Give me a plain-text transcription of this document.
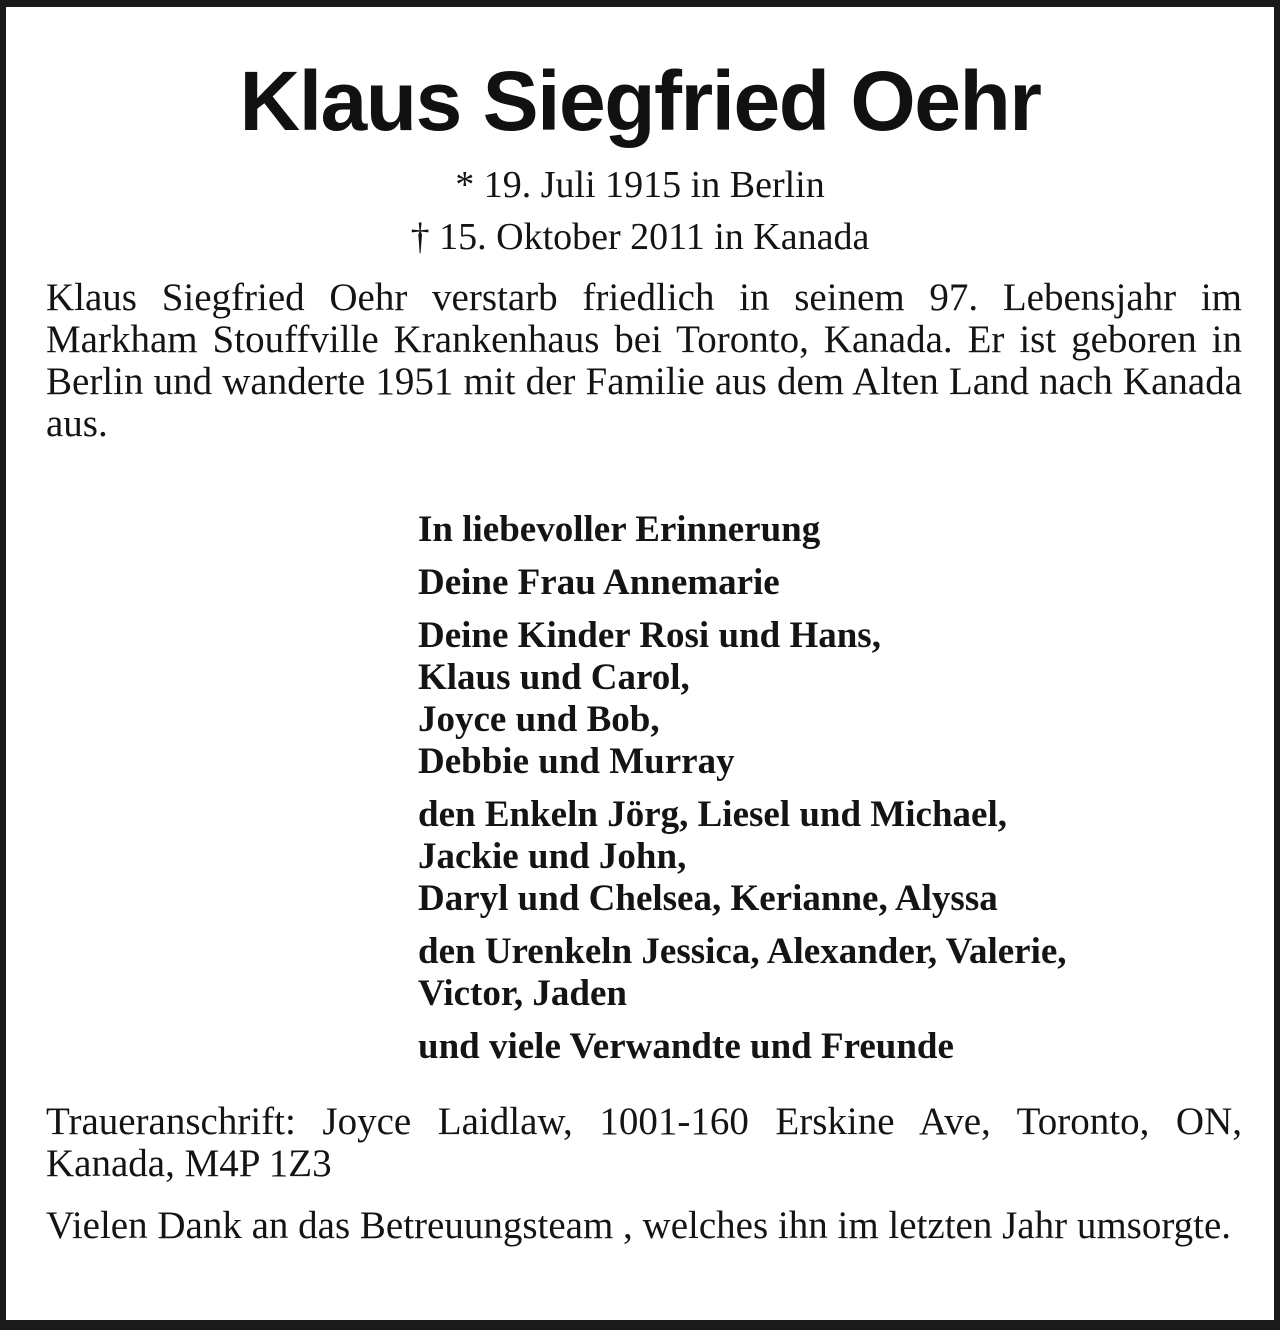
Klaus Siegfried Oehr
* 19. Juli 1915 in Berlin
† 15. Oktober 2011 in Kanada

Klaus Siegfried Oehr verstarb friedlich in seinem 97. Lebensjahr im Markham Stouffville Krankenhaus bei Toronto, Kanada. Er ist geboren in Berlin und wanderte 1951 mit der Familie aus dem Alten Land nach Kanada aus.

In liebevoller Erinnerung
Deine Frau Annemarie
Deine Kinder Rosi und Hans,
Klaus und Carol,
Joyce und Bob,
Debbie und Murray
den Enkeln Jörg, Liesel und Michael,
Jackie und John,
Daryl und Chelsea, Kerianne, Alyssa
den Urenkeln Jessica, Alexander, Valerie,
Victor, Jaden
und viele Verwandte und Freunde

Traueranschrift: Joyce Laidlaw, 1001-160 Erskine Ave, Toronto, ON, Kanada, M4P 1Z3

Vielen Dank an das Betreuungsteam , welches ihn im letzten Jahr umsorgte.
